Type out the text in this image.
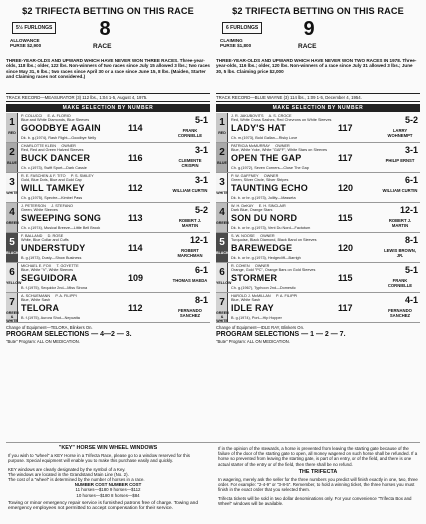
$2 TRIFECTA BETTING ON THIS RACE
5½ FURLONGS
ALLOWANCE
PURSE $2,900
8
RACE
THREE-YEAR-OLDS AND UPWARD WHICH HAVE NEVER WON THREE RACES. Three-year-olds, 118 lbs.; older, 122 lbs. Non-winners of two races since July 15 allowed 3 lbs.; two races since May 31, 6 lbs.; two races since April 30 or a race since June 15, 8 lbs. (Maiden, Starter and Claiming races not considered.)
TRACK RECORD—MEASURATOR (3) 112 lbs., 1:04 1-5, August 4, 1975.
MAKE SELECTION BY NUMBER
1
RED
P. COLUCCI E. A. FLORIO
Blue and White Diamonds, Blue Sleeves
GOODBYE AGAIN	114
Dk. b. g.(1974), Rash Flight—Goodbye Nelly
5-1
FRANK CORNIELLE
2
BLUE
CHARLOTTE KLEIN OWNER
Red, Red and Green Halved Sleeves
BUCK DANCER	116
Ch. c.(1973), Swift Sport—Dark Cassie
3-1
CLEMENTE CRISPIN
3
WHITE
R. E. FASCHEN & F. TITO P. S. SMILEY
Gold, Blue Dots, Blue and Gold Cap
WILL TAMKEY	112
Ch. g.(1975), Spectre—Kimbel Pass
3-1
WILLIAM CURTIN
4
GREEN
J. PETERSON J. STEFANO
Green, White Sleeves
SWEEPING SONG	113
Ch. c.(1974), Musical Breeze—Little Bell Brook
5-2
ROBERT J. MARTIN
5
BLACK
F. BALLAND D. ROSE
White, Blue Collar and Cuffs
UNDERSTUDY	114
B. g.(1973), Dusty—Show Business
12-1
ROBERT MARCHMAN
6
YELLOW
MICHAEL E. FOX T. GOYETTE
Blue, White "V", White Sleeves
SEGUIDORA	109
B. f.(1975), Sequidor 2nd—Miss Sirona
6-1
THOMAS MAEDA
7
GREEN & WHITE
A. SCHUEMANN P. A. FILIPPI
Blue, White Sash
TELORA	112
B. f.(1975), Aurora Shot—Nepcatta
8-1
FERNANDO SANCHEZ
Change of Equipment—TELORA, Blinkers On.
PROGRAM SELECTIONS — 4—2 — 3.
"Bute" Program: ALL ON MEDICATION.
$2 TRIFECTA BETTING ON THIS RACE
6 FURLONGS
CLAIMING
PURSE $1,800
9
RACE
THREE-YEAR-OLDS AND UPWARD WHICH HAVE NEVER WON TWO RACES IN 1978. Three-year-olds, 116 lbs.; older, 120 lbs. Non-winners of a race since July 31 allowed 3 lbs.; June 30, 5 lbs. Claiming price $2,000
TRACK RECORD—BLUE WAYNE (3) 114 lbs., 1:09 1-5, December 4, 1954.
MAKE SELECTION BY NUMBER
1
RED
J. R. JAKUBOVITS A. S. CROCE
Red, White Cross Sashes, Red Chevrons on White Sleeves
LADY'S HAT	117
Ch. m.(1973), Bold Gallan—Risky Love
5-2
LARRY WOHNEMPT
2
BLUE
PATRICIA McMURRAY OWNER
Blue, White Yoke, White "GAFF", White Stars on Sleeves
OPEN THE GAP	117
Ch. g.(1972), Seven Corners—Close The Gap
3-1
PHILIP ERNST
3
WHITE
P. W. GAFFNEY OWNER
Green, Silver Circle, Silver Stripes
TAUNTING ECHO	120
Dk. b. or br. g.(1973), Jollity—Masseta
6-1
WILLIAM CURTIN
4
GREEN
W. H. DeKAY E. H. SINCLAIR
Dark Blue, Orange Stars
SON DU NORD	115
Dk. b. or br. g.(1973), Vent Du Nord—Factotum
12-1
ROBERT J. MARTIN
5
BLACK
S. W. NOOSE OWNER
Turquoise, Black Diamond, Black Band on Sleeves
BAREWEDGE	120
Dk. b. or br. g.(1973), Hedgecliff—Barrigh
8-1
LEWIS BROWN, JR.
6
YELLOW
R. COHEN OWNER
Orange, Gold "PC", Orange Bars on Gold Sleeves
STORMER	115
Ch. g.(1967), Typhoon 2nd—Domestic
5-1
FRANK CORNIELLE
7
GREEN & WHITE
HAROLD J. McMILLAN P. A. FILIPPI
Blue, White Sash
IDLE RAY	117
B. g.(1974), Port—Hip Hopper
4-1
FERNANDO SANCHEZ
Change of Equipment—IDLE RAY, Blinkers On.
PROGRAM SELECTIONS — 1 — 2 — 7.
"Bute" Program: ALL ON MEDICATION.
"KEY" HORSE WIN WHEEL WINDOWS

If you wish to "wheel" a KEY Horse in a Trifecta Race, please go to a window reserved for this purpose. Special equipment will enable you to make this purchase easily and quickly.

KEY windows are clearly designated by the symbol of a Key.
The windows are located in the Grandstand Main Line (No. 2).
The cost of a "wheel" is determined by the number of horses in a race.
NUMBER COST NUMBER COST
11 horses—$180 9 horses—$112
10 horses—$180 8 horses—$84

Towing or minor emergency repair service is furnished patrons free of charge. Towing and emergency employees not permitted to accept compensation for their service.

If in the opinion of the stewards, a horse is prevented from leaving the starting gate because of the failure of the door of the starting gate to open, all money wagered on such horse shall be refunded. If a horse so prevented from leaving the starting gate, is part of an entry, or of the field, and there is one actual starter of the entry or of the field, then there shall be no refund.

THE TRIFECTA

In wagering, merely ask the seller for the three numbers you predict will finish exactly in one, two, three order. For example: "2-4-9" or "3-8-5". Remember, to hold a winning ticket, the three horses you must finish in the exact order that you selected them.

Trifecta tickets will be sold in two dollar denominations only. For your convenience "Trifecta Box and Wheel" windows will be available.
